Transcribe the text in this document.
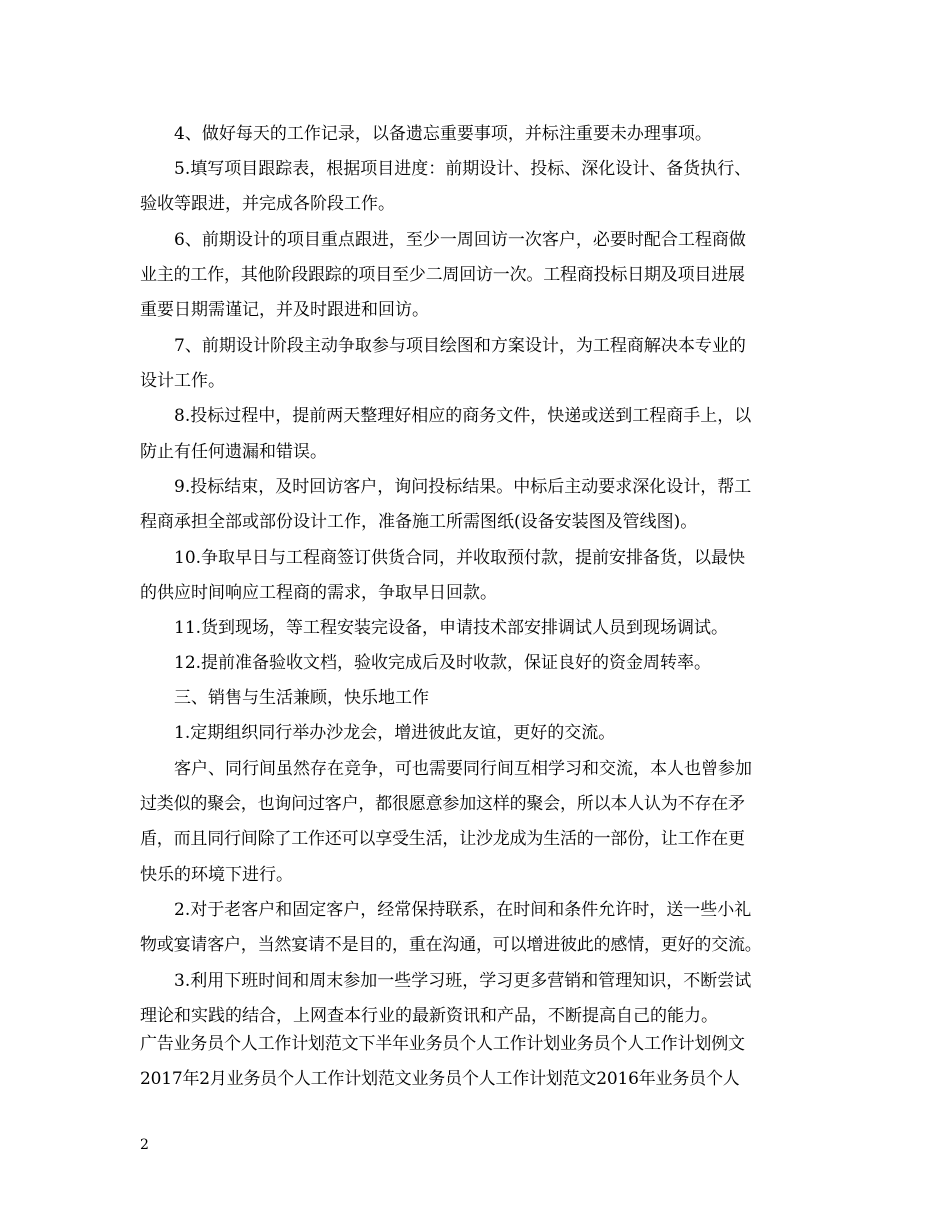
4、做好每天的工作记录，以备遗忘重要事项，并标注重要未办理事项。
5.填写项目跟踪表，根据项目进度：前期设计、投标、深化设计、备货执行、
验收等跟进，并完成各阶段工作。
6、前期设计的项目重点跟进，至少一周回访一次客户，必要时配合工程商做
业主的工作，其他阶段跟踪的项目至少二周回访一次。工程商投标日期及项目进展
重要日期需谨记，并及时跟进和回访。
7、前期设计阶段主动争取参与项目绘图和方案设计，为工程商解决本专业的
设计工作。
8.投标过程中，提前两天整理好相应的商务文件，快递或送到工程商手上，以
防止有任何遗漏和错误。
9.投标结束，及时回访客户，询问投标结果。中标后主动要求深化设计，帮工
程商承担全部或部份设计工作，准备施工所需图纸(设备安装图及管线图)。
10.争取早日与工程商签订供货合同，并收取预付款，提前安排备货，以最快
的供应时间响应工程商的需求，争取早日回款。
11.货到现场，等工程安装完设备，申请技术部安排调试人员到现场调试。
12.提前准备验收文档，验收完成后及时收款，保证良好的资金周转率。
三、销售与生活兼顾，快乐地工作
1.定期组织同行举办沙龙会，增进彼此友谊，更好的交流。
客户、同行间虽然存在竞争，可也需要同行间互相学习和交流，本人也曾参加
过类似的聚会，也询问过客户，都很愿意参加这样的聚会，所以本人认为不存在矛
盾，而且同行间除了工作还可以享受生活，让沙龙成为生活的一部份，让工作在更
快乐的环境下进行。
2.对于老客户和固定客户，经常保持联系，在时间和条件允许时，送一些小礼
物或宴请客户，当然宴请不是目的，重在沟通，可以增进彼此的感情，更好的交流。
3.利用下班时间和周末参加一些学习班，学习更多营销和管理知识，不断尝试
理论和实践的结合，上网查本行业的最新资讯和产品，不断提高自己的能力。
广告业务员个人工作计划范文下半年业务员个人工作计划业务员个人工作计划例文
2017年2月业务员个人工作计划范文业务员个人工作计划范文2016年业务员个人
2
